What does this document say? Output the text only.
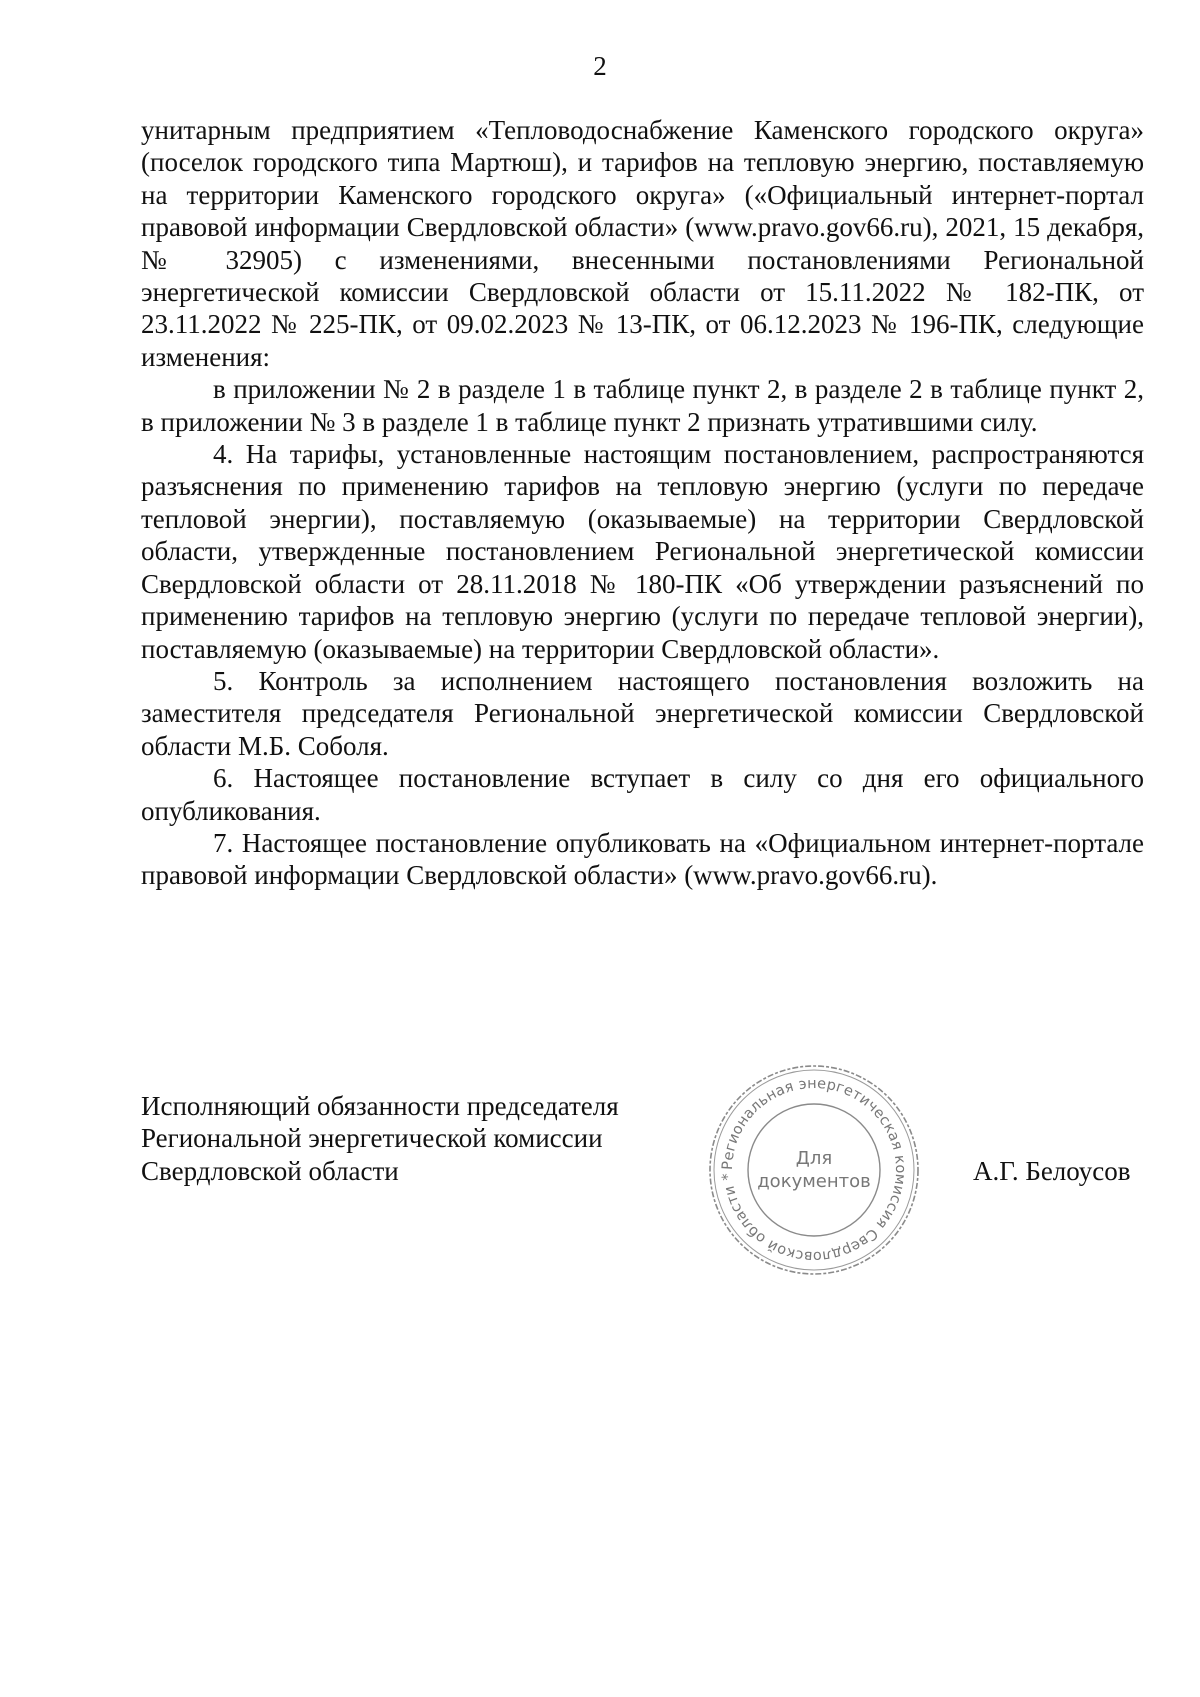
2

унитарным предприятием «Тепловодоснабжение Каменского городского округа» (поселок городского типа Мартюш), и тарифов на тепловую энергию, поставляемую на территории Каменского городского округа» («Официальный интернет-портал правовой информации Свердловской области» (www.pravo.gov66.ru), 2021, 15 декабря, № 32905) с изменениями, внесенными постановлениями Региональной энергетической комиссии Свердловской области от 15.11.2022 № 182-ПК, от 23.11.2022 № 225-ПК, от 09.02.2023 № 13-ПК, от 06.12.2023 № 196-ПК, следующие изменения:

в приложении № 2 в разделе 1 в таблице пункт 2, в разделе 2 в таблице пункт 2, в приложении № 3 в разделе 1 в таблице пункт 2 признать утратившими силу.

4. На тарифы, установленные настоящим постановлением, распространяются разъяснения по применению тарифов на тепловую энергию (услуги по передаче тепловой энергии), поставляемую (оказываемые) на территории Свердловской области, утвержденные постановлением Региональной энергетической комиссии Свердловской области от 28.11.2018 № 180-ПК «Об утверждении разъяснений по применению тарифов на тепловую энергию (услуги по передаче тепловой энергии), поставляемую (оказываемые) на территории Свердловской области».

5. Контроль за исполнением настоящего постановления возложить на заместителя председателя Региональной энергетической комиссии Свердловской области М.Б. Соболя.

6. Настоящее постановление вступает в силу со дня его официального опубликования.

7. Настоящее постановление опубликовать на «Официальном интернет-портале правовой информации Свердловской области» (www.pravo.gov66.ru).

Исполняющий обязанности председателя
Региональной энергетической комиссии
Свердловской области	Региональная энергетическая комиссия Свердловской области *
Для
документов	А.Г. Белоусов
